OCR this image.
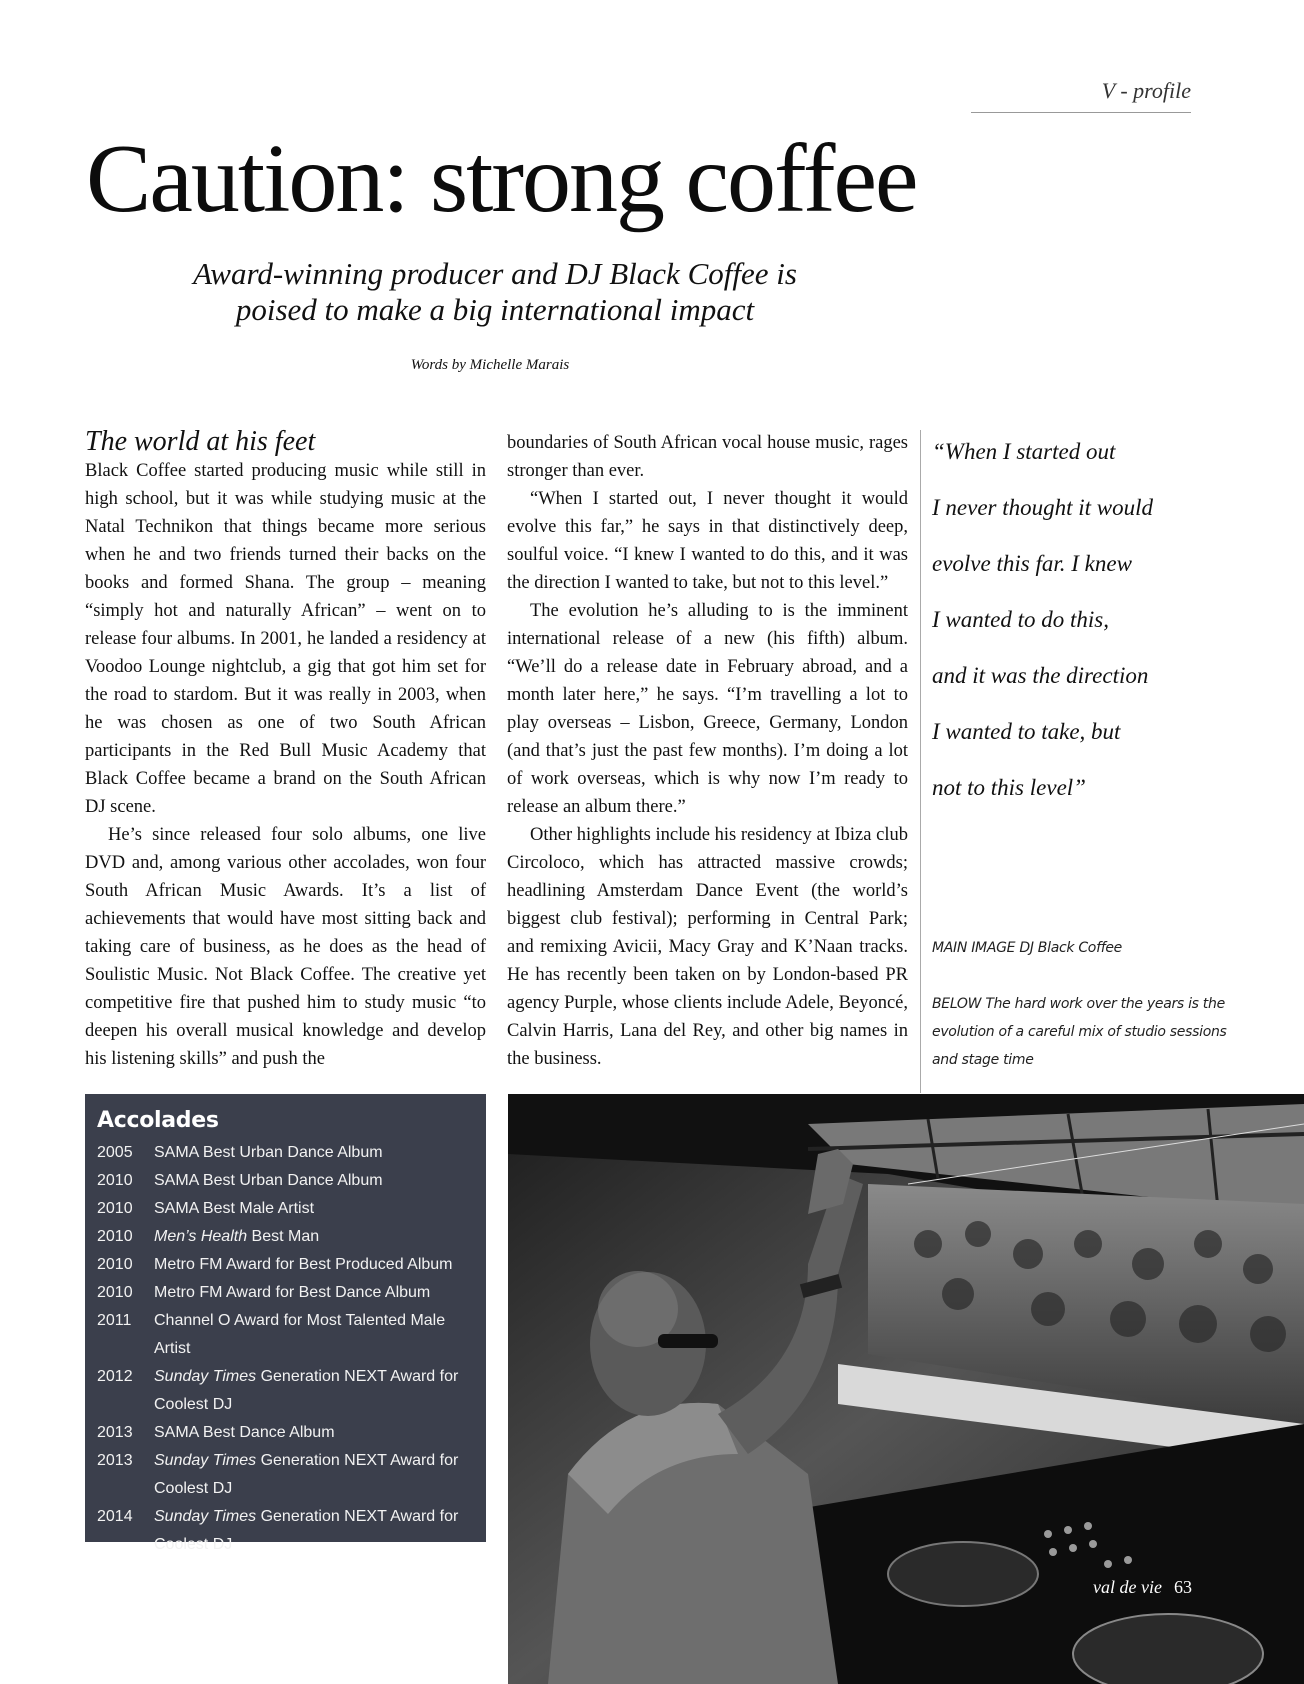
V - profile
Caution: strong coffee
Award-winning producer and DJ Black Coffee is poised to make a big international impact
Words by Michelle Marais
The world at his feet

Black Coffee started producing music while still in high school, but it was while studying music at the Natal Technikon that things became more serious when he and two friends turned their backs on the books and formed Shana. The group – meaning “simply hot and naturally African” – went on to release four albums. In 2001, he landed a residency at Voodoo Lounge nightclub, a gig that got him set for the road to stardom. But it was really in 2003, when he was chosen as one of two South African participants in the Red Bull Music Academy that Black Coffee became a brand on the South African DJ scene.

He’s since released four solo albums, one live DVD and, among various other accolades, won four South African Music Awards. It’s a list of achievements that would have most sitting back and taking care of business, as he does as the head of Soulistic Music. Not Black Coffee. The creative yet competitive fire that pushed him to study music “to deepen his overall musical knowledge and develop his listening skills” and push the

boundaries of South African vocal house music, rages stronger than ever.

“When I started out, I never thought it would evolve this far,” he says in that distinctively deep, soulful voice. “I knew I wanted to do this, and it was the direction I wanted to take, but not to this level.”

The evolution he’s alluding to is the imminent international release of a new (his fifth) album. “We’ll do a release date in February abroad, and a month later here,” he says. “I’m travelling a lot to play overseas – Lisbon, Greece, Germany, London (and that’s just the past few months). I’m doing a lot of work overseas, which is why now I’m ready to release an album there.”

Other highlights include his residency at Ibiza club Circoloco, which has attracted massive crowds; headlining Amsterdam Dance Event (the world’s biggest club festival); performing in Central Park; and remixing Avicii, Macy Gray and K’Naan tracks. He has recently been taken on by London-based PR agency Purple, whose clients include Adele, Beyoncé, Calvin Harris, Lana del Rey, and other big names in the business.

“When I started out
I never thought it would
evolve this far. I knew
I wanted to do this,
and it was the direction
I wanted to take, but
not to this level”
MAIN IMAGE DJ Black Coffee
BELOW The hard work over the years is the evolution of a careful mix of studio sessions and stage time
Accolades
2005	SAMA Best Urban Dance Album
2010	SAMA Best Urban Dance Album
2010	SAMA Best Male Artist
2010	Men’s Health Best Man
2010	Metro FM Award for Best Produced Album
2010	Metro FM Award for Best Dance Album
2011	Channel O Award for Most Talented Male Artist
2012	Sunday Times Generation NEXT Award for Coolest DJ
2013	SAMA Best Dance Album
2013	Sunday Times Generation NEXT Award for Coolest DJ
2014	Sunday Times Generation NEXT Award for Coolest DJ
val de vie 63
